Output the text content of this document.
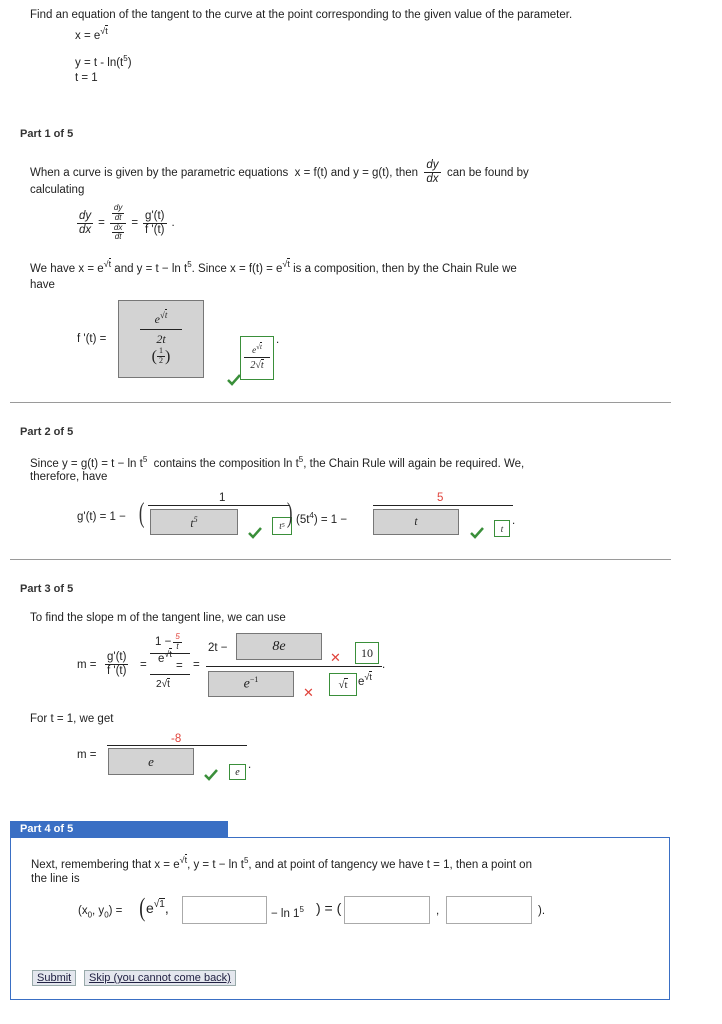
Find an equation of the tangent to the curve at the point corresponding to the given value of the parameter.
$x = e^{√t}$
$y = t - \ln(t^5)$
t = 1
Part 1 of 5
When a curve is given by the parametric equations x = f(t) and y = g(t), then $\frac{dy}{dx}$ can be found by
calculating
$\frac{dy}{dx} = \frac{\frac{dy}{dt}}{\frac{dx}{dt}} = \frac{g'(t)}{f '(t)}$ .
We have $x = e^{√t}$ and $y = t - \ln t^5$. Since $x = f(t) = e^{√t}$ is a composition, then by the Chain Rule we
have
f '(t) =
$e^{√t}$
2t
( $\frac{1}{2}$ )	$e^{√t}$
2√t
.
Part 2 of 5
Since $y = g(t) = t - \ln t^5$ contains the composition $\ln t^5$, the Chain Rule will again be required. We,
therefore, have
g'(t) = 1 − (	1
$t^5$
t 5 ) $(5t^4) = 1$ −
5
t
t
.
Part 3 of 5
To find the slope m of the tangent line, we can use
$m = \frac{g'(t)}{f '(t)}$ =
$1 - \frac{5}{t}$
$e^{√t}$
2√t
=
=
2t −	8e
✕	10
.
$e^{-1}$
✕
√ t $e^{√t}$
For t = 1, we get
m =
-8
e
e
.
Part 4 of 5
Next, remembering that $x = e^{√t}$, $y = t - \ln t^5$, and at point of tangency we have t = 1, then a point on
the line is
($x_0$, $y_0$) = ( $e^{√1}$,	− $\ln 1^5$ ) = (	,	).
Submit	Skip (you cannot come back)
